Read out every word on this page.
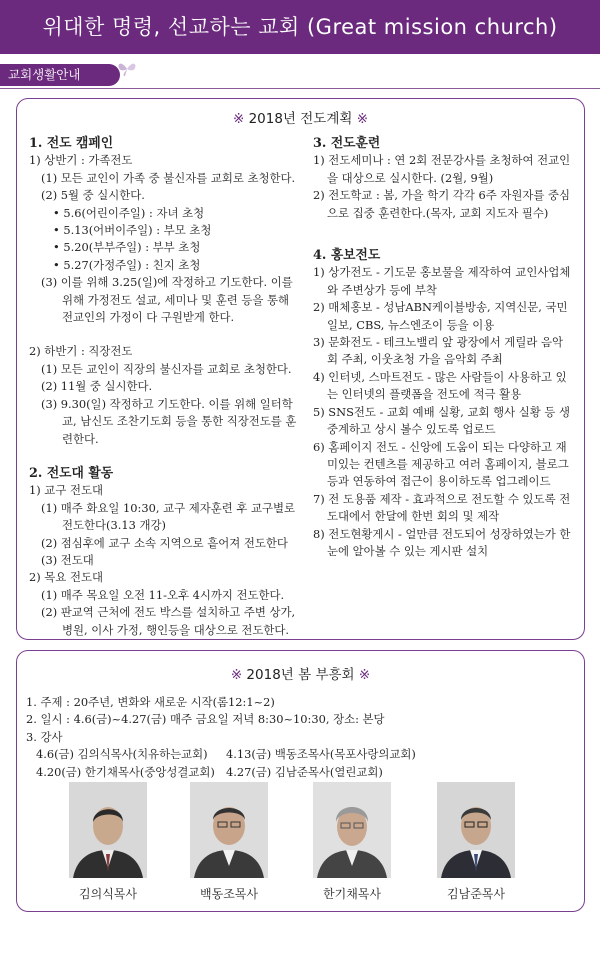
위대한 명령, 선교하는 교회 (Great mission church)
교회생활안내
※ 2018년 전도계획 ※

1. 전도 캠페인

1) 상반기 : 가족전도

(1) 모든 교인이 가족 중 불신자를 교회로 초청한다.

(2) 5월 중 실시한다.

• 5.6(어린이주일) : 자녀 초청

• 5.13(어버이주일) : 부모 초청

• 5.20(부부주일) : 부부 초청

• 5.27(가정주일) : 친지 초청

(3) 이를 위해 3.25(일)에 작정하고 기도한다. 이를 위해 가정전도 설교, 세미나 및 훈련 등을 통해 전교인의 가정이 다 구원받게 한다.

2) 하반기 : 직장전도

(1) 모든 교인이 직장의 불신자를 교회로 초청한다.

(2) 11월 중 실시한다.

(3) 9.30(일) 작정하고 기도한다. 이를 위해 일터학교, 남신도 조찬기도회 등을 통한 직장전도를 훈련한다.

2. 전도대 활동

1) 교구 전도대

(1) 매주 화요일 10:30, 교구 제자훈련 후 교구별로 전도한다(3.13 개강)

(2) 점심후에 교구 소속 지역으로 흩어져 전도한다

(3) 전도대

2) 목요 전도대

(1) 매주 목요일 오전 11-오후 4시까지 전도한다.

(2) 판교역 근처에 전도 박스를 설치하고 주변 상가, 병원, 이사 가정, 행인등을 대상으로 전도한다.

3. 전도훈련

1) 전도세미나 : 연 2회 전문강사를 초청하여 전교인을 대상으로 실시한다. (2월, 9월)

2) 전도학교 : 봄, 가을 학기 각각 6주 자원자를 중심으로 집중 훈련한다.(목자, 교회 지도자 필수)

4. 홍보전도

1) 상가전도 - 기도문 홍보물을 제작하여 교인사업체와 주변상가 등에 부착

2) 매체홍보 - 성남ABN케이블방송, 지역신문, 국민일보, CBS, 뉴스엔조이 등을 이용

3) 문화전도 - 테크노밸리 앞 광장에서 게릴라 음악회 주최, 이웃초청 가을 음악회 주최

4) 인터넷, 스마트전도 - 많은 사람들이 사용하고 있는 인터넷의 플랫폼을 전도에 적극 활용

5) SNS전도 - 교회 예배 실황, 교회 행사 실황 등 생중계하고 상시 볼수 있도록 업로드

6) 홈페이지 전도 - 신앙에 도움이 되는 다양하고 재미있는 컨텐츠를 제공하고 여러 홈페이지, 블로그 등과 연동하여 접근이 용이하도록 업그레이드

7) 전 도용품 제작 - 효과적으로 전도할 수 있도록 전도대에서 한달에 한번 회의 및 제작

8) 전도현황게시 - 얼만큼 전도되어 성장하였는가 한눈에 알아볼 수 있는 게시판 설치

※ 2018년 봄 부흥회 ※

1. 주제 : 20주년, 변화와 새로운 시작(롬12:1~2)

2. 일시 : 4.6(금)~4.27(금) 매주 금요일 저녁 8:30~10:30, 장소: 본당

3. 강사

4.6(금) 김의식목사(치유하는교회) 4.13(금) 백동조목사(목포사랑의교회)
4.20(금) 한기채목사(중앙성결교회) 4.27(금) 김남준목사(열린교회)
김의식목사	백동조목사	한기채목사	김남준목사
